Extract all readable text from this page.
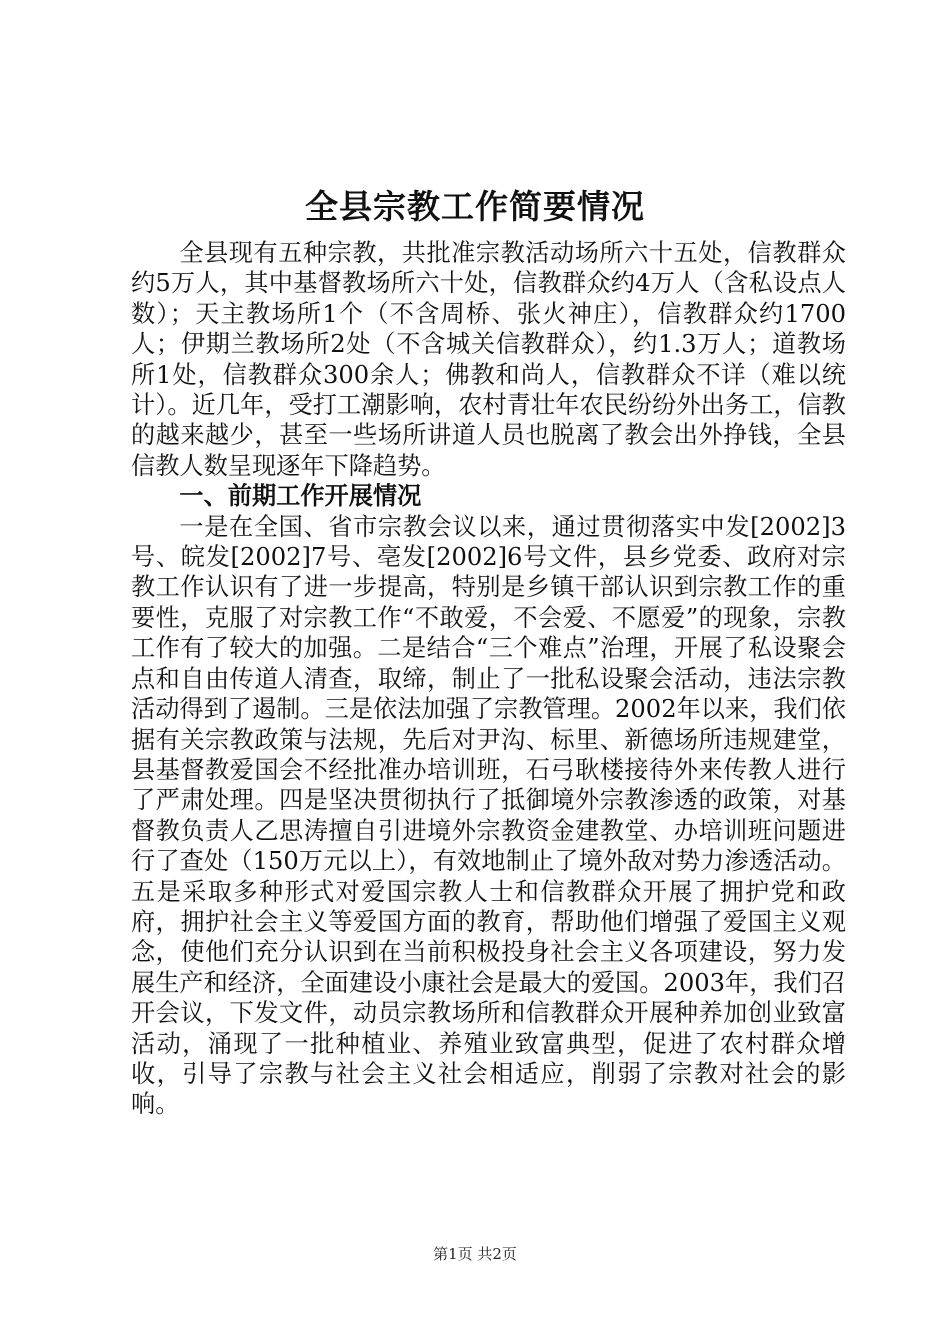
全县宗教工作简要情况

全县现有五种宗教，共批准宗教活动场所六十五处，信教群众约5万人，其中基督教场所六十处，信教群众约4万人（含私设点人数）；天主教场所1个（不含周桥、张火神庄），信教群众约1700人；伊期兰教场所2处（不含城关信教群众），约1.3万人；道教场所1处，信教群众300余人；佛教和尚人，信教群众不详（难以统计）。近几年，受打工潮影响，农村青壮年农民纷纷外出务工，信教的越来越少，甚至一些场所讲道人员也脱离了教会出外挣钱，全县信教人数呈现逐年下降趋势。

一、前期工作开展情况

一是在全国、省市宗教会议以来，通过贯彻落实中发[2002]3号、皖发[2002]7号、亳发[2002]6号文件，县乡党委、政府对宗教工作认识有了进一步提高，特别是乡镇干部认识到宗教工作的重要性，克服了对宗教工作“不敢爱，不会爱、不愿爱”的现象，宗教工作有了较大的加强。二是结合“三个难点”治理，开展了私设聚会点和自由传道人清查，取缔，制止了一批私设聚会活动，违法宗教活动得到了遏制。三是依法加强了宗教管理。2002年以来，我们依据有关宗教政策与法规，先后对尹沟、标里、新德场所违规建堂，县基督教爱国会不经批准办培训班，石弓耿楼接待外来传教人进行了严肃处理。四是坚决贯彻执行了抵御境外宗教渗透的政策，对基督教负责人乙思涛擅自引进境外宗教资金建教堂、办培训班问题进行了查处（150万元以上），有效地制止了境外敌对势力渗透活动。五是采取多种形式对爱国宗教人士和信教群众开展了拥护党和政府，拥护社会主义等爱国方面的教育，帮助他们增强了爱国主义观念，使他们充分认识到在当前积极投身社会主义各项建设，努力发展生产和经济，全面建设小康社会是最大的爱国。2003年，我们召开会议，下发文件，动员宗教场所和信教群众开展种养加创业致富活动，涌现了一批种植业、养殖业致富典型，促进了农村群众增收，引导了宗教与社会主义社会相适应，削弱了宗教对社会的影响。

第1页 共2页
